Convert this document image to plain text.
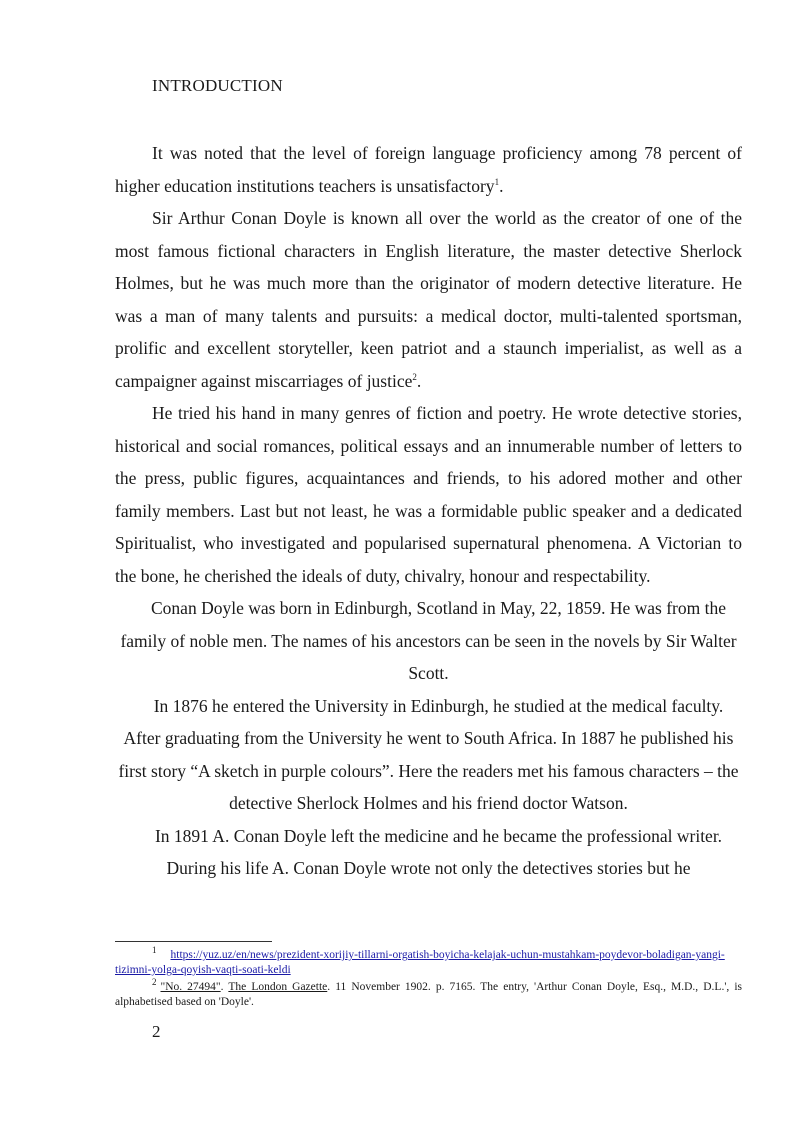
INTRODUCTION

It was noted that the level of foreign language proficiency among 78 percent of higher education institutions teachers is unsatisfactory$^1$.

Sir Arthur Conan Doyle is known all over the world as the creator of one of the most famous fictional characters in English literature, the master detective Sherlock Holmes, but he was much more than the originator of modern detective literature. He was a man of many talents and pursuits: a medical doctor, multi-talented sportsman, prolific and excellent storyteller, keen patriot and a staunch imperialist, as well as a campaigner against miscarriages of justice$^2$.

He tried his hand in many genres of fiction and poetry. He wrote detective stories, historical and social romances, political essays and an innumerable number of letters to the press, public figures, acquaintances and friends, to his adored mother and other family members. Last but not least, he was a formidable public speaker and a dedicated Spiritualist, who investigated and popularised supernatural phenomena. A Victorian to the bone, he cherished the ideals of duty, chivalry, honour and respectability.

Conan Doyle was born in Edinburgh, Scotland in May, 22, 1859. He was from the family of noble men. The names of his ancestors can be seen in the novels by Sir Walter Scott.

In 1876 he entered the University in Edinburgh, he studied at the medical faculty. After graduating from the University he went to South Africa. In 1887 he published his first story “A sketch in purple colours”. Here the readers met his famous characters – the detective Sherlock Holmes and his friend doctor Watson.

In 1891 A. Conan Doyle left the medicine and he became the professional writer. During his life A. Conan Doyle wrote not only the detectives stories but he

1 https://yuz.uz/en/news/prezident-xorijiy-tillarni-orgatish-boyicha-kelajak-uchun-mustahkam-poydevor-boladigan-yangi-tizimni-yolga-qoyish-vaqti-soati-keldi

2 "No. 27494". The London Gazette. 11 November 1902. p. 7165. The entry, 'Arthur Conan Doyle, Esq., M.D., D.L.', is alphabetised based on 'Doyle'.

2
